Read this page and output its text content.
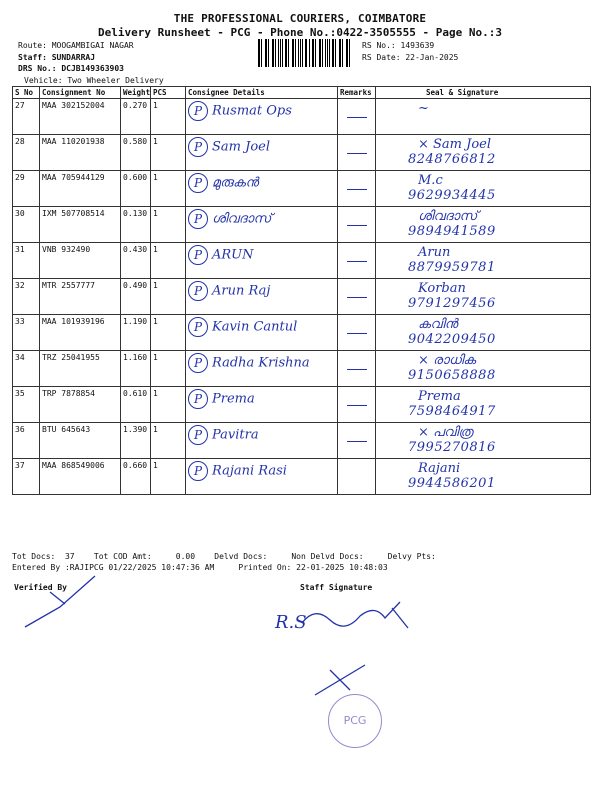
THE PROFESSIONAL COURIERS, COIMBATORE
Delivery Runsheet - PCG - Phone No.:0422-3505555 - Page No.:3
Route: MOOGAMBIGAI NAGAR
Staff: SUNDARRAJ
DRS No.: DCJB149363903
Vehicle: Two Wheeler Delivery
RS No.: 1493639
RS Date: 22-Jan-2025
S No	Consignment No	Weight	PCS	Consignee Details	Remarks	Seal & Signature
27	MAA 302152004	0.270	1	P Rusmat Ops		~

28	MAA 110201938	0.580	1	P Sam Joel		× Sam Joel
8248766812

29	MAA 705944129	0.600	1	P മുരുകൻ		M.c
9629934445

30	IXM 507708514	0.130	1	P ശിവദാസ്		ശിവദാസ്
9894941589

31	VNB 932490	0.430	1	P ARUN		Arun
8879959781

32	MTR 2557777	0.490	1	P Arun Raj		Korban
9791297456

33	MAA 101939196	1.190	1	P Kavin Cantul		കവിൻ
9042209450

34	TRZ 25041955	1.160	1	P Radha Krishna		× രാധിക
9150658888

35	TRP 7878854	0.610	1	P Prema		Prema
7598464917

36	BTU 645643	1.390	1	P Pavitra		× പവിത്ര
7995270816

37	MAA 868549006	0.660	1	P Rajani Rasi		Rajani
9944586201
Tot Docs:  37    Tot COD Amt:     0.00    Delvd Docs:     Non Delvd Docs:     Delvy Pts:
Entered By :RAJIPCG 01/22/2025 10:47:36 AM     Printed On: 22-01-2025 10:48:03
Verified By	Staff Signature
R.S
PCG
